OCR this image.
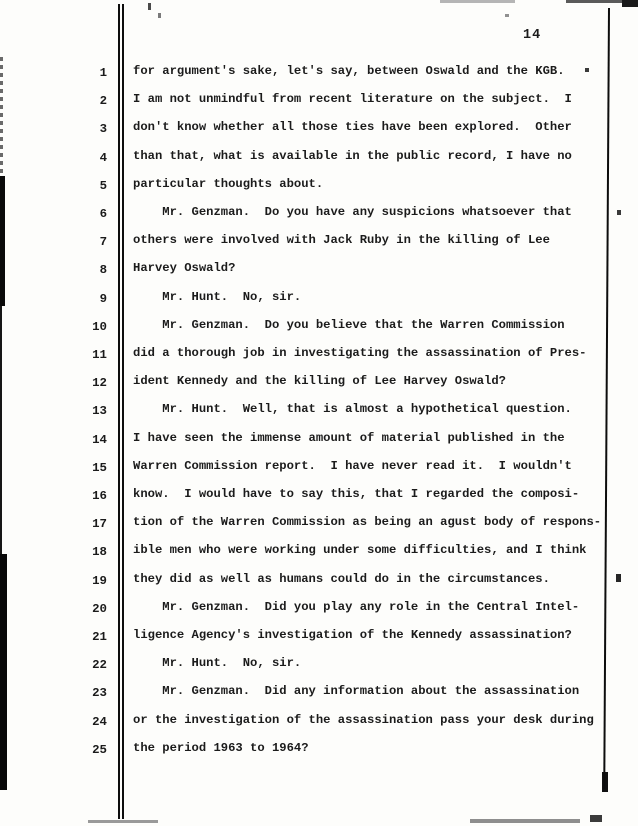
14
1 for argument's sake, let's say, between Oswald and the KGB.
2 I am not unmindful from recent literature on the subject.  I
3 don't know whether all those ties have been explored.  Other
4 than that, what is available in the public record, I have no
5 particular thoughts about.
6 Mr. Genzman.  Do you have any suspicions whatsoever that
7 others were involved with Jack Ruby in the killing of Lee
8 Harvey Oswald?
9 Mr. Hunt.  No, sir.
10 Mr. Genzman.  Do you believe that the Warren Commission
11 did a thorough job in investigating the assassination of Pres-
12 ident Kennedy and the killing of Lee Harvey Oswald?
13 Mr. Hunt.  Well, that is almost a hypothetical question.
14 I have seen the immense amount of material published in the
15 Warren Commission report.  I have never read it.  I wouldn't
16 know.  I would have to say this, that I regarded the composi-
17 tion of the Warren Commission as being an agust body of respons-
18 ible men who were working under some difficulties, and I think
19 they did as well as humans could do in the circumstances.
20 Mr. Genzman.  Did you play any role in the Central Intel-
21 ligence Agency's investigation of the Kennedy assassination?
22 Mr. Hunt.  No, sir.
23 Mr. Genzman.  Did any information about the assassination
24 or the investigation of the assassination pass your desk during
25 the period 1963 to 1964?
